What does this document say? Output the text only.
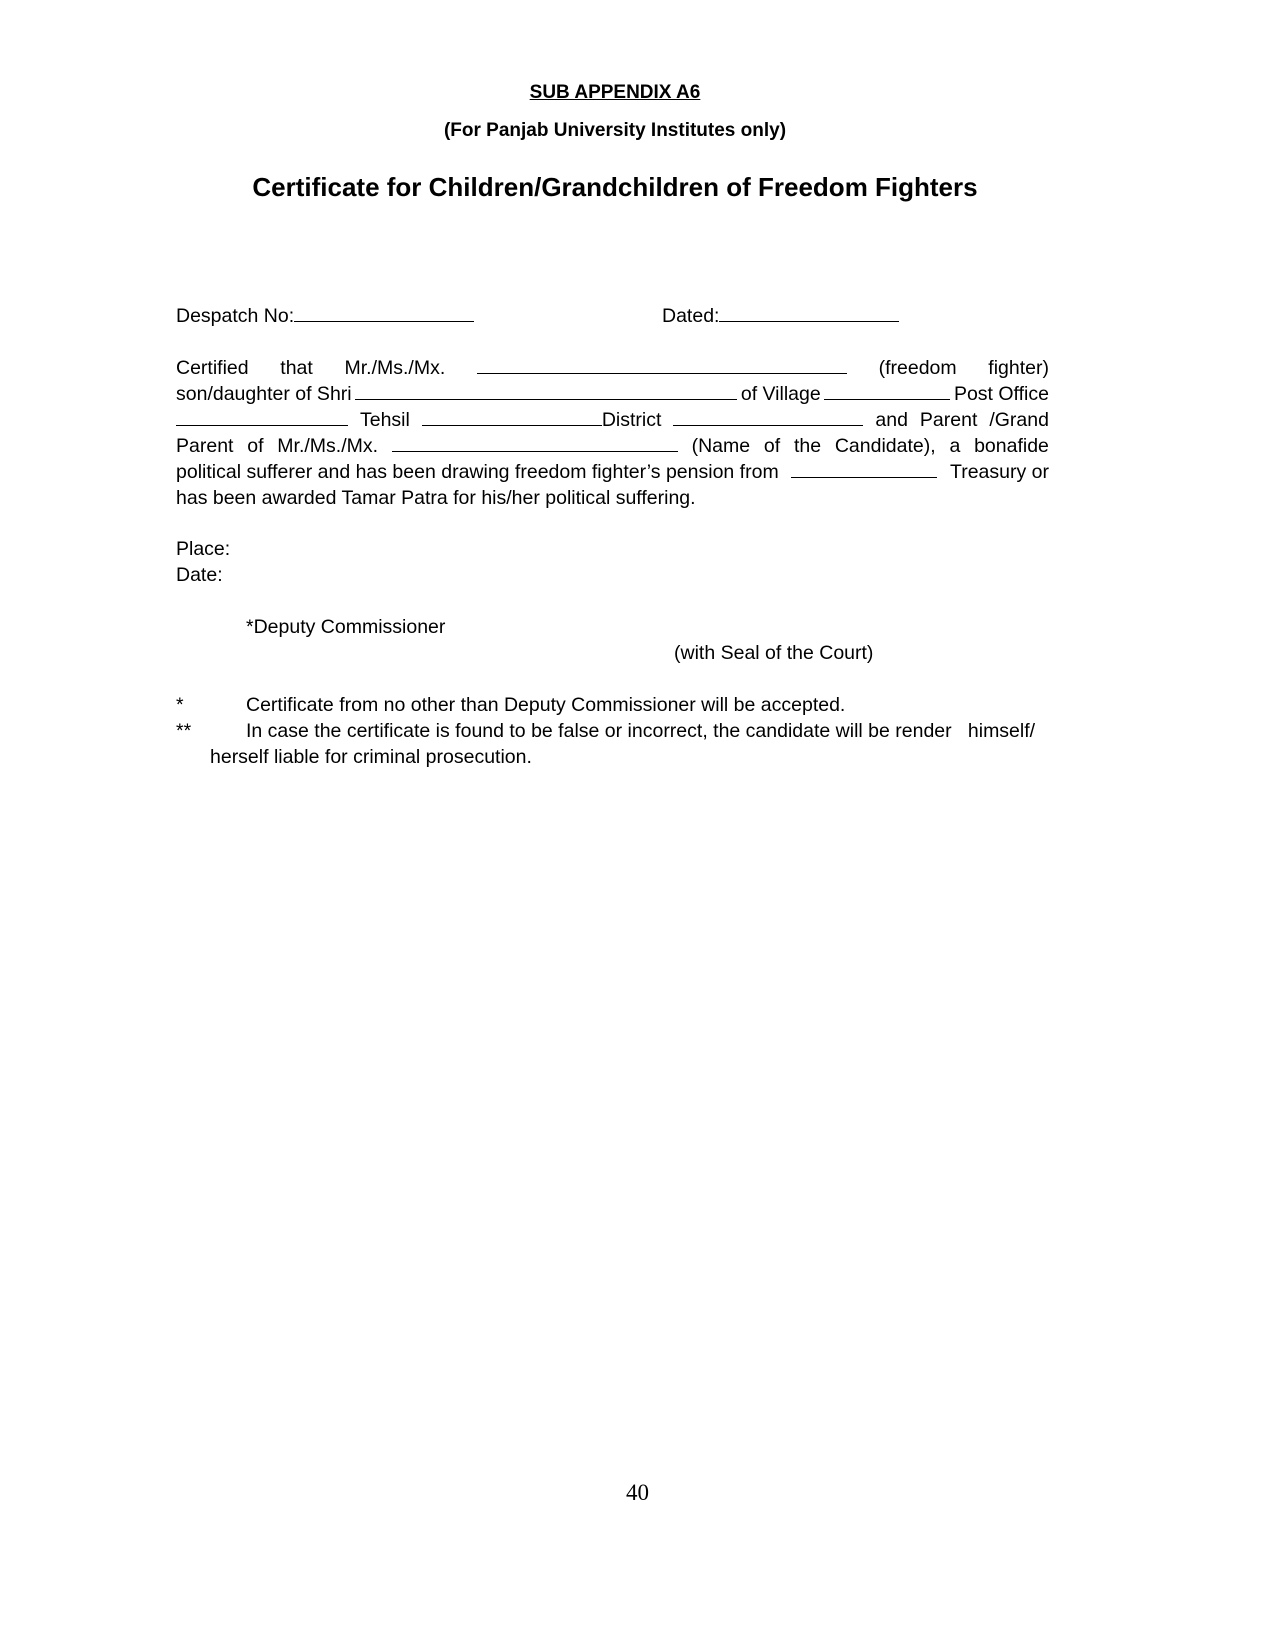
SUB APPENDIX A6
(For Panjab University Institutes only)
Certificate for Children/Grandchildren of Freedom Fighters
Despatch No:	Dated:
Certified that Mr./Ms./Mx.	(freedom fighter)
son/daughter of Shri	of Village	Post Office
Tehsil	District	and Parent /Grand
Parent of Mr./Ms./Mx.	(Name of the Candidate), a bonafide
political sufferer and has been drawing freedom fighter’s pension from	Treasury or
has been awarded Tamar Patra for his/her political suffering.
Place:
Date:
*Deputy Commissioner
(with Seal of the Court)
*	Certificate from no other than Deputy Commissioner will be accepted.
**	In case the certificate is found to be false or incorrect, the candidate will be render   himself/
herself liable for criminal prosecution.
40
